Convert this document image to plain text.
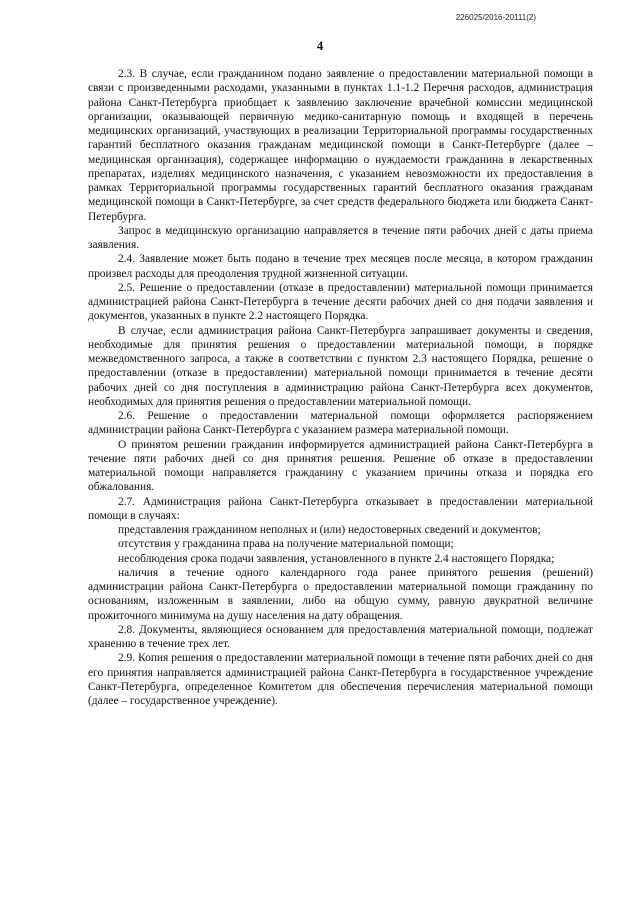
226025/2016-20111(2)
4

2.3. В случае, если гражданином подано заявление о предоставлении материальной помощи в связи с произведенными расходами, указанными в пунктах 1.1-1.2 Перечня расходов, администрация района Санкт-Петербурга приобщает к заявлению заключение врачебной комиссии медицинской организации, оказывающей первичную медико-санитарную помощь и входящей в перечень медицинских организаций, участвующих в реализации Территориальной программы государственных гарантий бесплатного оказания гражданам медицинской помощи в Санкт-Петербурге (далее – медицинская организация), содержащее информацию о нуждаемости гражданина в лекарственных препаратах, изделиях медицинского назначения, с указанием невозможности их предоставления в рамках Территориальной программы государственных гарантий бесплатного оказания гражданам медицинской помощи в Санкт-Петербурге, за счет средств федерального бюджета или бюджета Санкт-Петербурга.

Запрос в медицинскую организацию направляется в течение пяти рабочих дней с даты приема заявления.

2.4. Заявление может быть подано в течение трех месяцев после месяца, в котором гражданин произвел расходы для преодоления трудной жизненной ситуации.

2.5. Решение о предоставлении (отказе в предоставлении) материальной помощи принимается администрацией района Санкт-Петербурга в течение десяти рабочих дней со дня подачи заявления и документов, указанных в пункте 2.2 настоящего Порядка.

В случае, если администрация района Санкт-Петербурга запрашивает документы и сведения, необходимые для принятия решения о предоставлении материальной помощи, в порядке межведомственного запроса, а также в соответствии с пунктом 2.3 настоящего Порядка, решение о предоставлении (отказе в предоставлении) материальной помощи принимается в течение десяти рабочих дней со дня поступления в администрацию района Санкт-Петербурга всех документов, необходимых для принятия решения о предоставлении материальной помощи.

2.6. Решение о предоставлении материальной помощи оформляется распоряжением администрации района Санкт-Петербурга с указанием размера материальной помощи.

О принятом решении гражданин информируется администрацией района Санкт-Петербурга в течение пяти рабочих дней со дня принятия решения. Решение об отказе в предоставлении материальной помощи направляется гражданину с указанием причины отказа и порядка его обжалования.

2.7. Администрация района Санкт-Петербурга отказывает в предоставлении материальной помощи в случаях:

представления гражданином неполных и (или) недостоверных сведений и документов;

отсутствия у гражданина права на получение материальной помощи;

несоблюдения срока подачи заявления, установленного в пункте 2.4 настоящего Порядка;

наличия в течение одного календарного года ранее принятого решения (решений) администрации района Санкт-Петербурга о предоставлении материальной помощи гражданину по основаниям, изложенным в заявлении, либо на общую сумму, равную двукратной величине прожиточного минимума на душу населения на дату обращения.

2.8. Документы, являющиеся основанием для предоставления материальной помощи, подлежат хранению в течение трех лет.

2.9. Копия решения о предоставлении материальной помощи в течение пяти рабочих дней со дня его принятия направляется администрацией района Санкт-Петербурга в государственное учреждение Санкт-Петербурга, определенное Комитетом для обеспечения перечисления материальной помощи (далее – государственное учреждение).
